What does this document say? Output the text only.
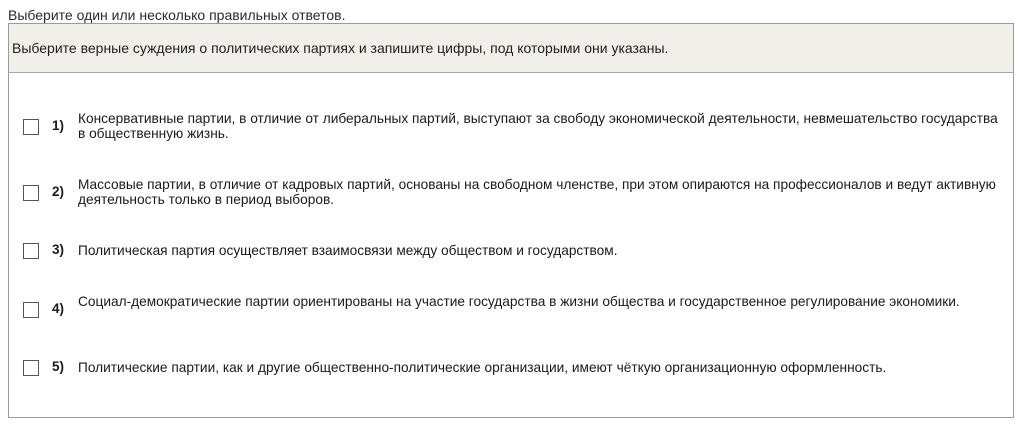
Выберите один или несколько правильных ответов.
Выберите верные суждения о политических партиях и запишите цифры, под которыми они указаны.
1) Консервативные партии, в отличие от либеральных партий, выступают за свободу экономической деятельности, невмешательство государства в общественную жизнь.
2) Массовые партии, в отличие от кадровых партий, основаны на свободном членстве, при этом опираются на профессионалов и ведут активную деятельность только в период выборов.
3) Политическая партия осуществляет взаимосвязи между обществом и государством.
4) Социал-демократические партии ориентированы на участие государства в жизни общества и государственное регулирование экономики.
5) Политические партии, как и другие общественно-политические организации, имеют чёткую организационную оформленность.
